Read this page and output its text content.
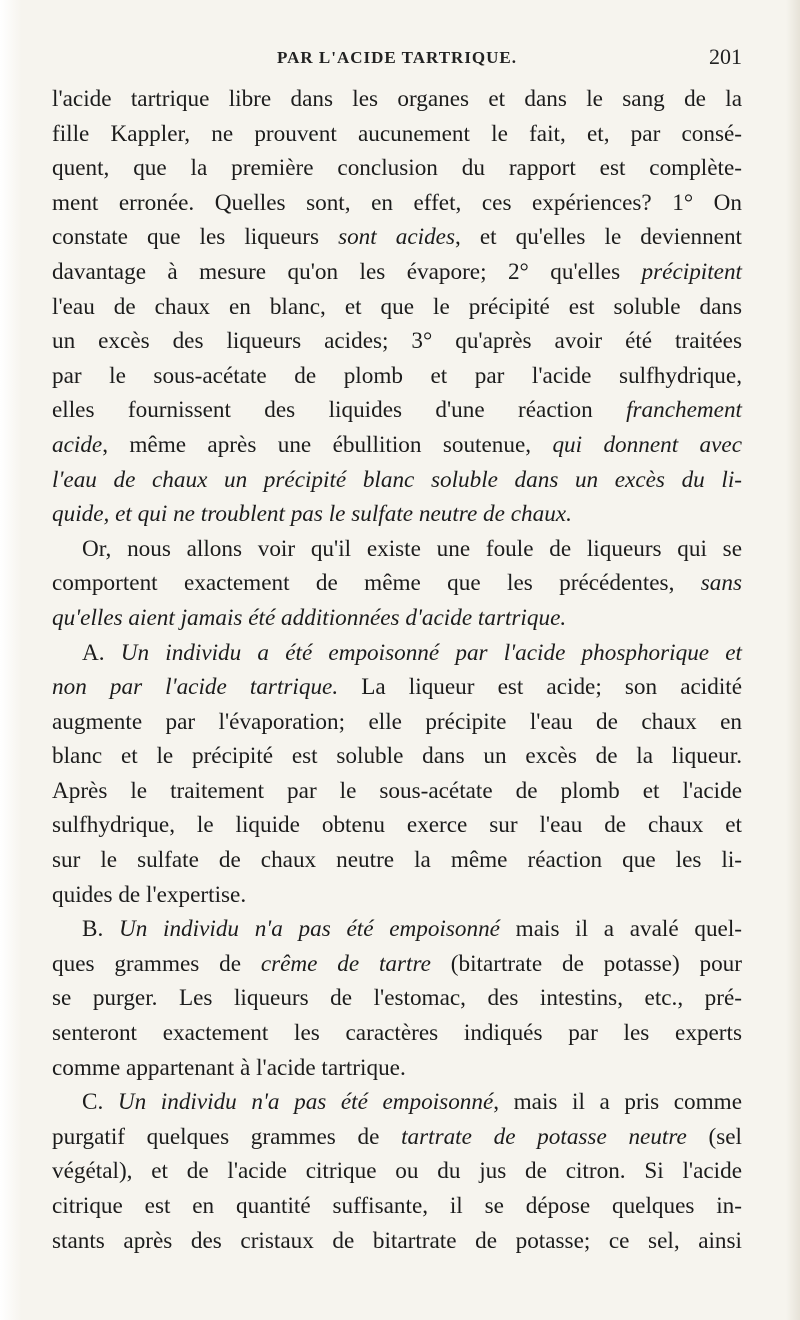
PAR L'ACIDE TARTRIQUE.	201
l'acide tartrique libre dans les organes et dans le sang de la
fille Kappler, ne prouvent aucunement le fait, et, par consé-
quent, que la première conclusion du rapport est complète-
ment erronée. Quelles sont, en effet, ces expériences? 1° On
constate que les liqueurs sont acides, et qu'elles le deviennent
davantage à mesure qu'on les évapore; 2° qu'elles précipitent
l'eau de chaux en blanc, et que le précipité est soluble dans
un excès des liqueurs acides; 3° qu'après avoir été traitées
par le sous-acétate de plomb et par l'acide sulfhydrique,
elles fournissent des liquides d'une réaction franchement
acide, même après une ébullition soutenue, qui donnent avec
l'eau de chaux un précipité blanc soluble dans un excès du li-
quide, et qui ne troublent pas le sulfate neutre de chaux.
Or, nous allons voir qu'il existe une foule de liqueurs qui se
comportent exactement de même que les précédentes, sans
qu'elles aient jamais été additionnées d'acide tartrique.
A. Un individu a été empoisonné par l'acide phosphorique et
non par l'acide tartrique. La liqueur est acide; son acidité
augmente par l'évaporation; elle précipite l'eau de chaux en
blanc et le précipité est soluble dans un excès de la liqueur.
Après le traitement par le sous-acétate de plomb et l'acide
sulfhydrique, le liquide obtenu exerce sur l'eau de chaux et
sur le sulfate de chaux neutre la même réaction que les li-
quides de l'expertise.
B. Un individu n'a pas été empoisonné mais il a avalé quel-
ques grammes de crême de tartre (bitartrate de potasse) pour
se purger. Les liqueurs de l'estomac, des intestins, etc., pré-
senteront exactement les caractères indiqués par les experts
comme appartenant à l'acide tartrique.
C. Un individu n'a pas été empoisonné, mais il a pris comme
purgatif quelques grammes de tartrate de potasse neutre (sel
végétal), et de l'acide citrique ou du jus de citron. Si l'acide
citrique est en quantité suffisante, il se dépose quelques in-
stants après des cristaux de bitartrate de potasse; ce sel, ainsi
